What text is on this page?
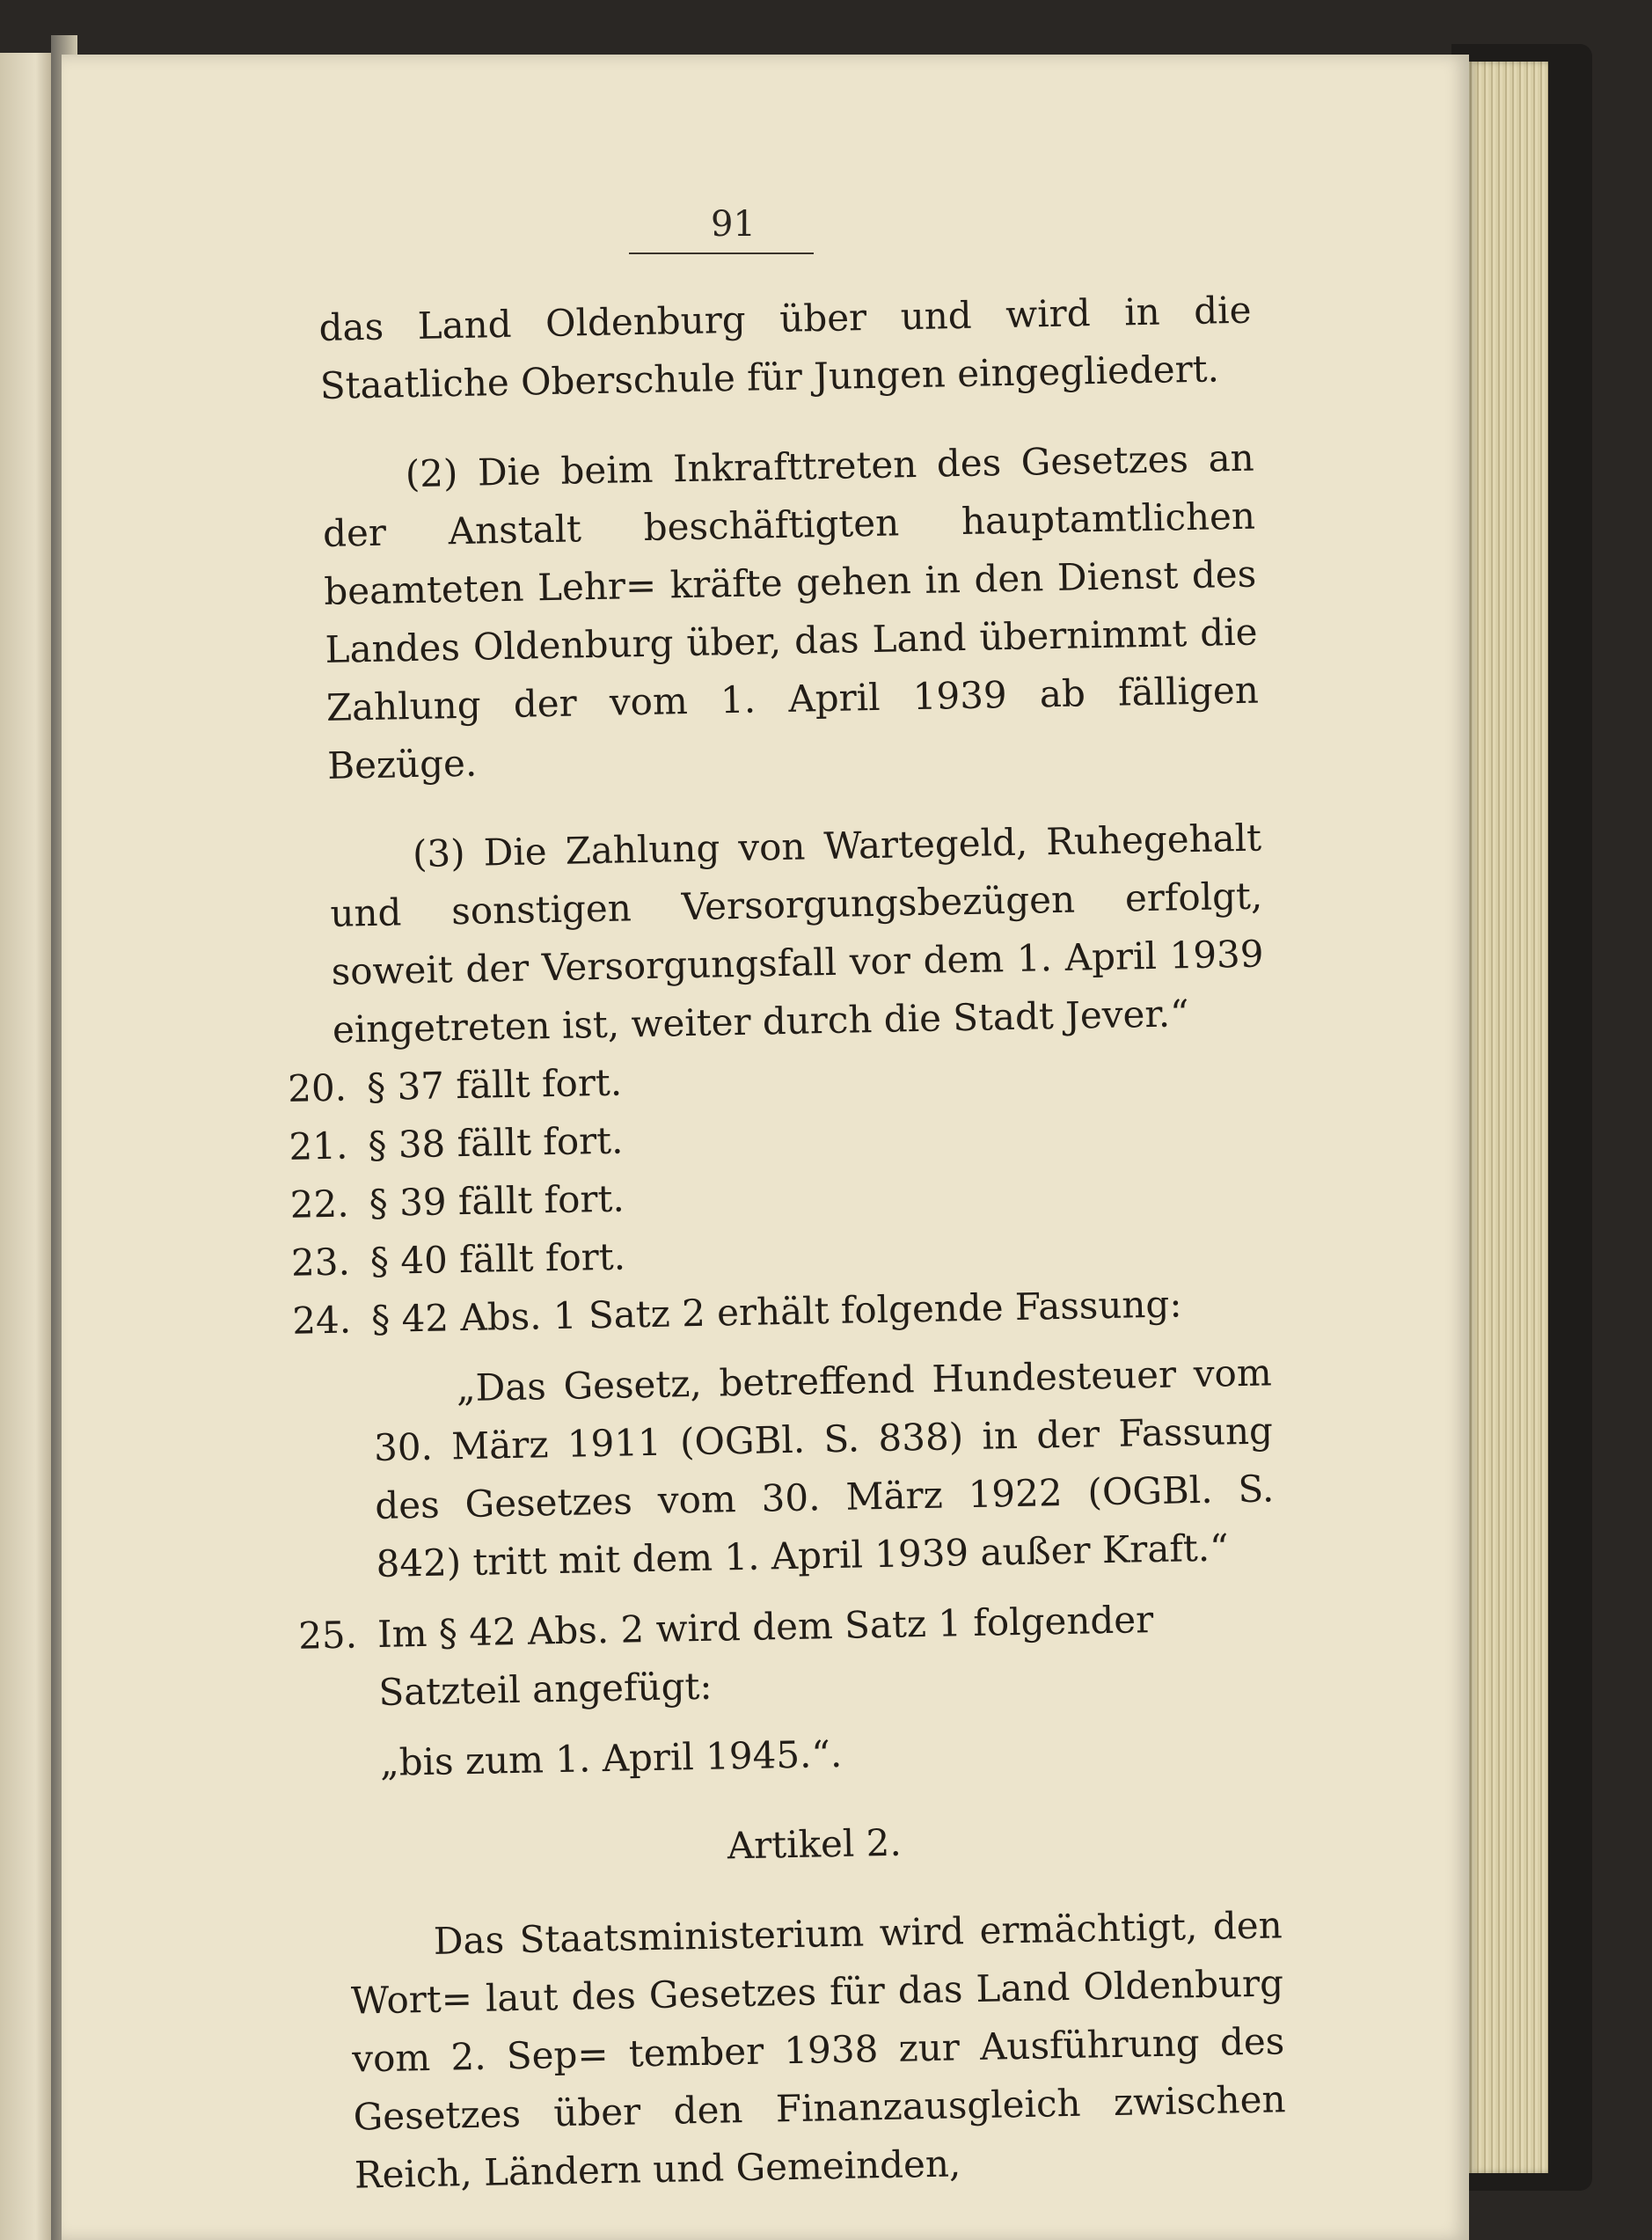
91

das Land Oldenburg über und wird in die Staatliche Oberschule für Jungen eingegliedert.

(2) Die beim Inkrafttreten des Gesetzes an der Anstalt beschäftigten hauptamtlichen beamteten Lehr= kräfte gehen in den Dienst des Landes Oldenburg über, das Land übernimmt die Zahlung der vom 1. April 1939 ab fälligen Bezüge.

(3) Die Zahlung von Wartegeld, Ruhegehalt und sonstigen Versorgungsbezügen erfolgt, soweit der Versorgungsfall vor dem 1. April 1939 eingetreten ist, weiter durch die Stadt Jever.“

20. § 37 fällt fort.
21. § 38 fällt fort.
22. § 39 fällt fort.
23. § 40 fällt fort.
24. § 42 Abs. 1 Satz 2 erhält folgende Fassung:

„Das Gesetz, betreffend Hundesteuer vom 30. März 1911 (OGBl. S. 838) in der Fassung des Gesetzes vom 30. März 1922 (OGBl. S. 842) tritt mit dem 1. April 1939 außer Kraft.“

25. Im § 42 Abs. 2 wird dem Satz 1 folgender Satzteil angefügt:

„bis zum 1. April 1945.“.

Artikel 2.

Das Staatsministerium wird ermächtigt, den Wort= laut des Gesetzes für das Land Oldenburg vom 2. Sep= tember 1938 zur Ausführung des Gesetzes über den Finanzausgleich zwischen Reich, Ländern und Gemeinden,
